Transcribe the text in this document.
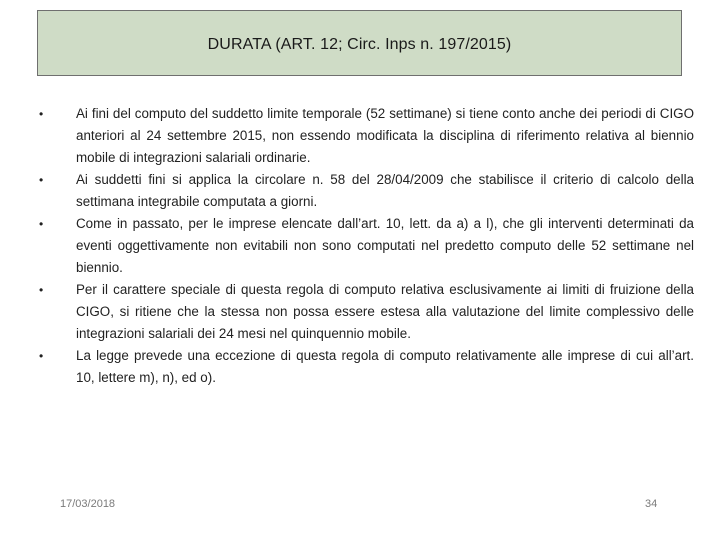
DURATA (ART. 12; Circ. Inps n. 197/2015)
• Ai fini del computo del suddetto limite temporale (52 settimane) si tiene conto anche dei periodi di CIGO anteriori al 24 settembre 2015, non essendo modificata la disciplina di riferimento relativa al biennio mobile di integrazioni salariali ordinarie.
• Ai suddetti fini si applica la circolare n. 58 del 28/04/2009 che stabilisce il criterio di calcolo della settimana integrabile computata a giorni.
• Come in passato, per le imprese elencate dall’art. 10, lett. da a) a l), che gli interventi determinati da eventi oggettivamente non evitabili non sono computati nel predetto computo delle 52 settimane nel biennio.
• Per il carattere speciale di questa regola di computo relativa esclusivamente ai limiti di fruizione della CIGO, si ritiene che la stessa non possa essere estesa alla valutazione del limite complessivo delle integrazioni salariali dei 24 mesi nel quinquennio mobile.
• La legge prevede una eccezione di questa regola di computo relativamente alle imprese di cui all’art. 10, lettere m), n), ed o).
17/03/2018	34
